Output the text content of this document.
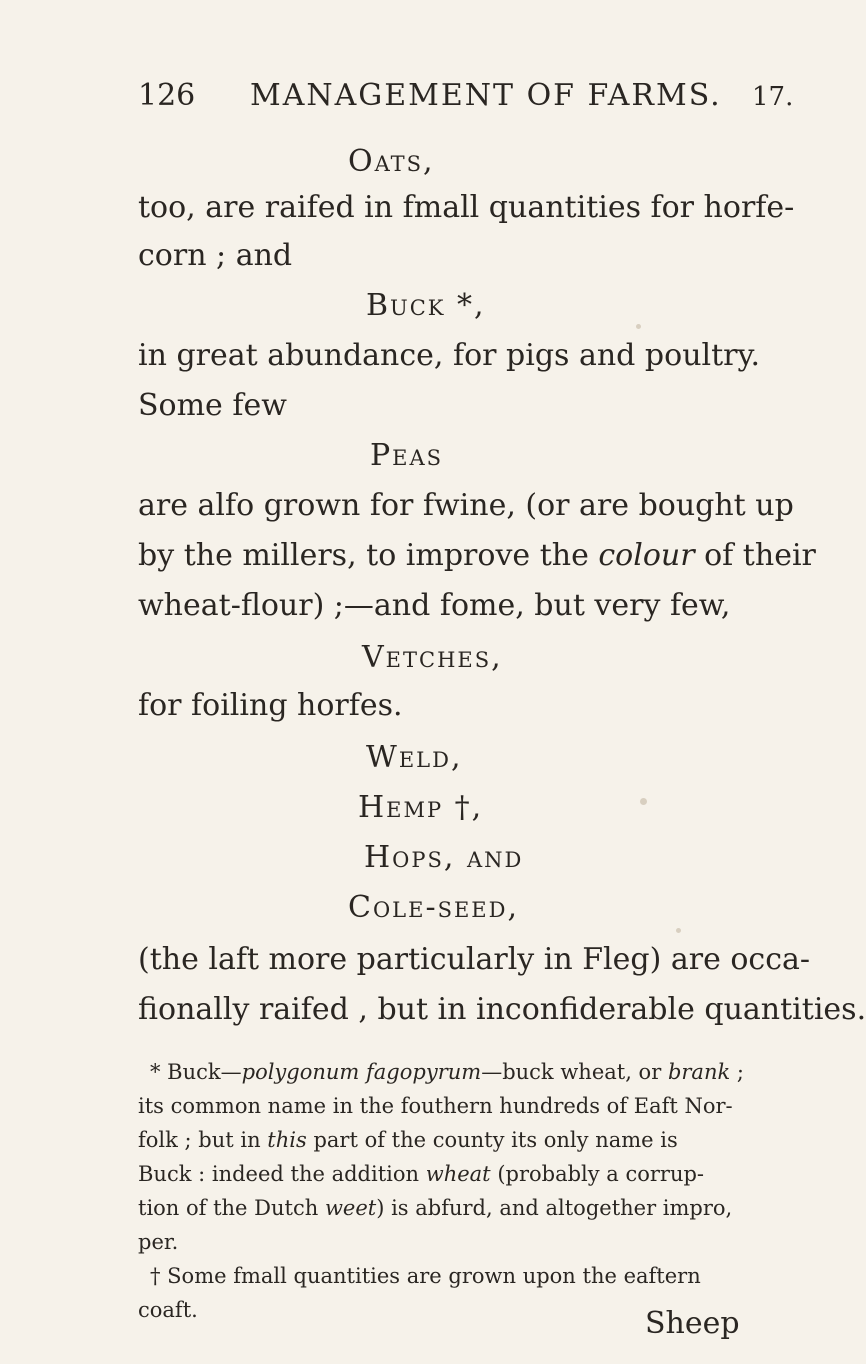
126 MANAGEMENT OF FARMS. 17.
Oats,
too, are raifed in fmall quantities for horfe-
corn ; and
Buck *,
in great abundance, for pigs and poultry.
Some few
Peas
are alfo grown for fwine, (or are bought up
by the millers, to improve the colour of their
wheat-flour) ;—and fome, but very few,
Vetches,
for foiling horfes.
Weld,
Hemp †,
Hops, and
Cole-seed,
(the laft more particularly in Fleg) are occa-
fionally raifed , but in inconfiderable quantities.
* Buck—polygonum fagopyrum—buck wheat, or brank ;
its common name in the fouthern hundreds of Eaft Nor-
folk ; but in this part of the county its only name is
Buck : indeed the addition wheat (probably a corrup-
tion of the Dutch weet) is abfurd, and altogether impro,
per.
† Some fmall quantities are grown upon the eaftern
coaft.	Sheep
